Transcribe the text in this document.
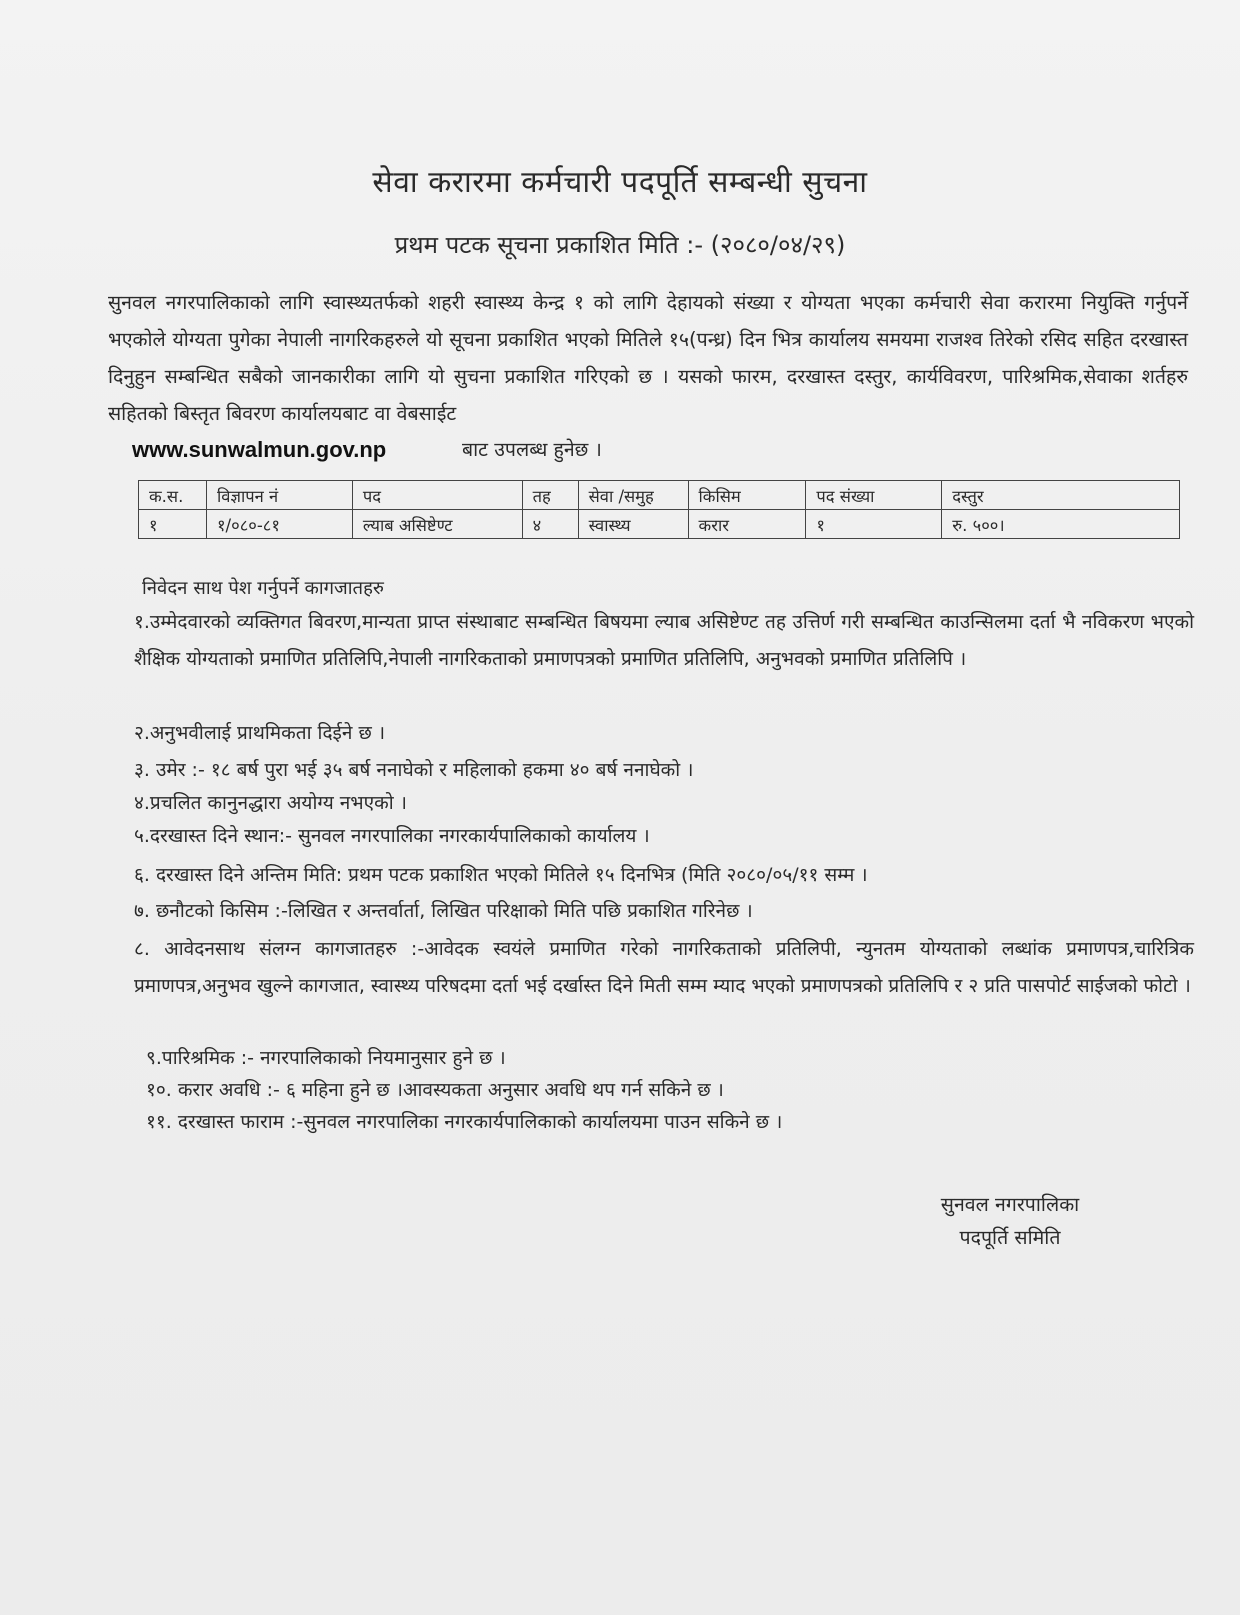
सेवा करारमा कर्मचारी पदपूर्ति सम्बन्धी सुचना
प्रथम पटक सूचना प्रकाशित मिति :- (२०८०/०४/२९)
सुनवल नगरपालिकाको लागि स्वास्थ्यतर्फको शहरी स्वास्थ्य केन्द्र १ को लागि देहायको संख्या र योग्यता भएका कर्मचारी सेवा करारमा नियुक्ति गर्नुपर्ने भएकोले योग्यता पुगेका नेपाली नागरिकहरुले यो सूचना प्रकाशित भएको मितिले १५(पन्ध्र) दिन भित्र कार्यालय समयमा राजश्व तिरेको रसिद सहित दरखास्त दिनुहुन सम्बन्धित सबैको जानकारीका लागि यो सुचना प्रकाशित गरिएको छ । यसको फारम, दरखास्त दस्तुर, कार्यविवरण, पारिश्रमिक,सेवाका शर्तहरु सहितको बिस्तृत बिवरण कार्यालयबाट वा वेबसाईट
www.sunwalmun.gov.np	बाट उपलब्ध हुनेछ ।
क.स.	विज्ञापन नं	पद	तह	सेवा /समुह	किसिम	पद संख्या	दस्तुर
१	१/०८०-८१	ल्याब असिष्टेण्ट	४	स्वास्थ्य	करार	१	रु. ५००।
निवेदन साथ पेश गर्नुपर्ने कागजातहरु
१.उम्मेदवारको व्यक्तिगत बिवरण,मान्यता प्राप्त संस्थाबाट सम्बन्धित बिषयमा ल्याब असिष्टेण्ट तह उत्तिर्ण गरी सम्बन्धित काउन्सिलमा दर्ता भै नविकरण भएको शैक्षिक योग्यताको प्रमाणित प्रतिलिपि,नेपाली नागरिकताको प्रमाणपत्रको प्रमाणित प्रतिलिपि, अनुभवको प्रमाणित प्रतिलिपि ।
२.अनुभवीलाई प्राथमिकता दिईने छ ।
३. उमेर :- १८ बर्ष पुरा भई ३५ बर्ष ननाघेको र महिलाको हकमा ४० बर्ष ननाघेको ।
४.प्रचलित कानुनद्धारा अयोग्य नभएको ।
५.दरखास्त दिने स्थान:- सुनवल नगरपालिका नगरकार्यपालिकाको कार्यालय ।
६. दरखास्त दिने अन्तिम मिति: प्रथम पटक प्रकाशित भएको मितिले १५ दिनभित्र (मिति २०८०/०५/११ सम्म ।
७. छनौटको किसिम :-लिखित र अन्तर्वार्ता, लिखित परिक्षाको मिति पछि प्रकाशित गरिनेछ ।
८. आवेदनसाथ संलग्न कागजातहरु :-आवेदक स्वयंले प्रमाणित गरेको नागरिकताको प्रतिलिपी, न्युनतम योग्यताको लब्धांक प्रमाणपत्र,चारित्रिक प्रमाणपत्र,अनुभव खुल्ने कागजात, स्वास्थ्य परिषदमा दर्ता भई दर्खास्त दिने मिती सम्म म्याद भएको प्रमाणपत्रको प्रतिलिपि र २ प्रति पासपोर्ट साईजको फोटो ।
९.पारिश्रमिक :- नगरपालिकाको नियमानुसार हुने छ ।
१०. करार अवधि :- ६ महिना हुने छ ।आवस्यकता अनुसार अवधि थप गर्न सकिने छ ।
११. दरखास्त फाराम :-सुनवल नगरपालिका नगरकार्यपालिकाको कार्यालयमा पाउन सकिने छ ।
सुनवल नगरपालिका
पदपूर्ति समिति
